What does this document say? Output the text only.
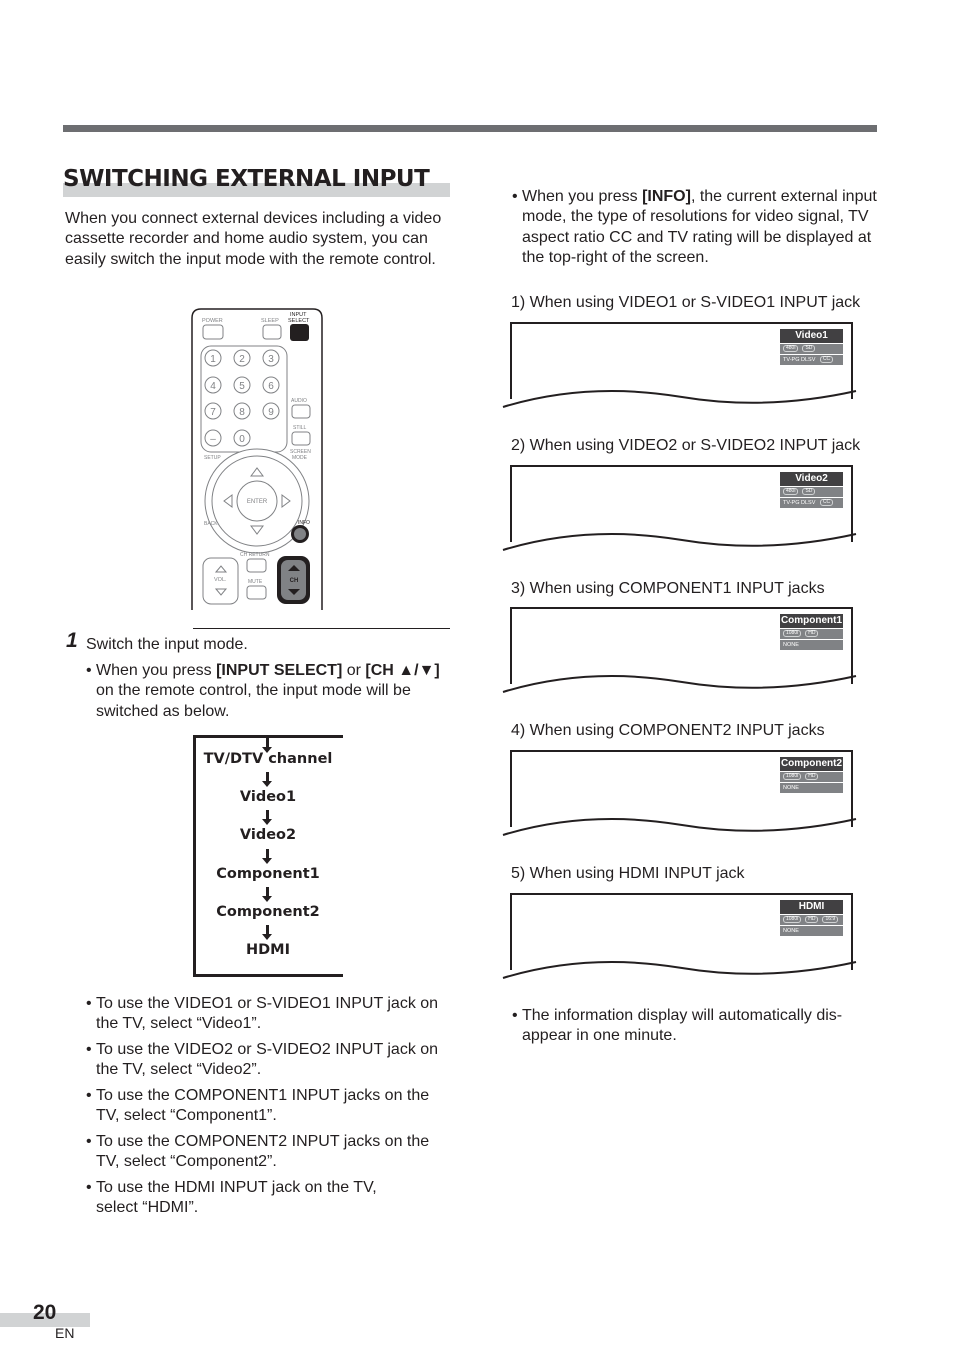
SWITCHING EXTERNAL INPUT
When you connect external devices including a video cassette recorder and home audio system, you can easily switch the input mode with the remote control.
POWER	SLEEP
INPUT
SELECT
1 2 3
4 5 6
7 8 9
– 0
AUDIO
STILL
SCREEN
MODE
SETUP
ENTER
BACK	INFO
CH RETURN
VOL.	MUTE	CH
1 Switch the input mode.
• When you press [INPUT SELECT] or [CH ▲/▼] on the remote control, the input mode will be switched as below.
TV/DTV channel
Video1
Video2
Component1
Component2
HDMI
• To use the VIDEO1 or S-VIDEO1 INPUT jack on the TV, select “Video1”.
• To use the VIDEO2 or S-VIDEO2 INPUT jack on the TV, select “Video2”.
• To use the COMPONENT1 INPUT jacks on the TV, select “Component1”.
• To use the COMPONENT2 INPUT jacks on the TV, select “Component2”.
• To use the HDMI INPUT jack on the TV, select “HDMI”.
• When you press [INFO], the current external input mode, the type of resolutions for video signal, TV aspect ratio CC and TV rating will be displayed at the top-right of the screen.
1) When using VIDEO1 or S-VIDEO1 INPUT jack
Video1
480i SD
TV-PG DLSV CC
2) When using VIDEO2 or S-VIDEO2 INPUT jack
Video2
480i SD
TV-PG DLSV CC
3) When using COMPONENT1 INPUT jacks
Component1
1080i HD
NONE
4) When using COMPONENT2 INPUT jacks
Component2
1080i HD
NONE
5) When using HDMI INPUT jack
HDMI
1080i HD 16:9
NONE
• The information display will automatically dis- appear in one minute.
20
EN
